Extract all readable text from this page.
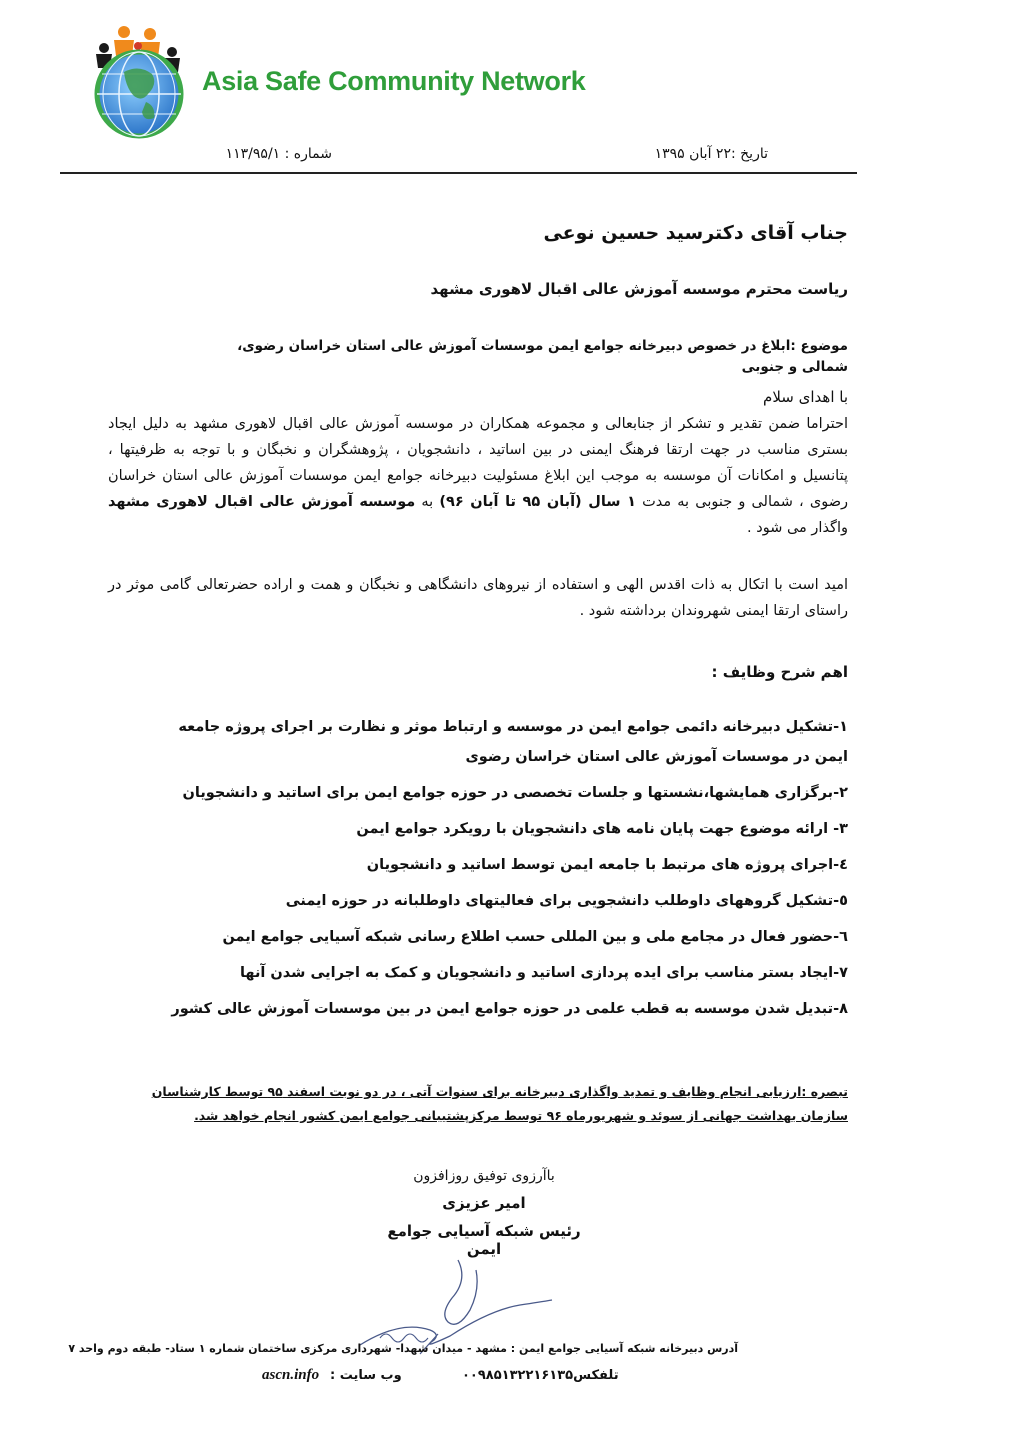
Asia Safe Community Network
تاریخ :۲۲ آبان ۱۳۹۵
شماره : ۱۱۳/۹۵/۱
جناب آقای دکترسید حسین نوعی
ریاست محترم موسسه آموزش عالی اقبال لاهوری مشهد
موضوع :ابلاغ در خصوص دبیرخانه جوامع ایمن موسسات آموزش عالی استان خراسان رضوی، شمالی و جنوبی
با اهدای سلام
احتراما ضمن تقدیر و تشکر از جنابعالی و مجموعه همکاران در موسسه آموزش عالی اقبال لاهوری مشهد به دلیل ایجاد بستری مناسب در جهت ارتقا فرهنگ ایمنی در بین اساتید ، دانشجویان ، پژوهشگران و نخبگان و با توجه به ظرفیتها ، پتانسیل و امکانات آن موسسه به موجب این ابلاغ مسئولیت دبیرخانه جوامع ایمن موسسات آموزش عالی استان خراسان رضوی ، شمالی و جنوبی به مدت ۱ سال (آبان ۹۵ تا آبان ۹۶) به موسسه آموزش عالی اقبال لاهوری مشهد واگذار می شود .
امید است با اتکال به ذات اقدس الهی و استفاده از نیروهای دانشگاهی و نخبگان و همت و اراده حضرتعالی گامی موثر در راستای ارتقا ایمنی شهروندان برداشته شود .
اهم شرح وظایف :
۱-تشکیل دبیرخانه دائمی جوامع ایمن در موسسه و ارتباط موثر و نظارت بر اجرای پروژه جامعه ایمن در موسسات آموزش عالی استان خراسان رضوی
۲-برگزاری همایشها،نشستها و جلسات تخصصی در حوزه جوامع ایمن برای اساتید و دانشجویان
۳- ارائه موضوع جهت پایان نامه های دانشجویان با رویکرد جوامع ایمن
٤-اجرای پروژه های مرتبط با جامعه ایمن توسط اساتید و دانشجویان
٥-تشکیل گروههای داوطلب دانشجویی برای فعالیتهای داوطلبانه در حوزه ایمنی
٦-حضور فعال در مجامع ملی و بین المللی حسب اطلاع رسانی شبکه آسیایی جوامع ایمن
۷-ایجاد بستر مناسب برای ایده پردازی اساتید و دانشجویان و کمک به اجرایی شدن آنها
۸-تبدیل شدن موسسه به قطب علمی در حوزه جوامع ایمن در بین موسسات آموزش عالی کشور
تبصره :ارزیابی انجام وظایف و تمدید واگذاری دبیرخانه برای سنوات آتی ، در دو نوبت اسفند ۹۵ توسط کارشناسان سازمان بهداشت جهانی از سوئد و شهریورماه ۹۶ توسط مرکزپشتیبانی جوامع ایمن کشور انجام خواهد شد.
باآرزوی توفیق روزافزون
امیر عزیزی
رئیس شبکه آسیایی جوامع ایمن
آدرس دبیرخانه شبکه آسیایی جوامع ایمن : مشهد - میدان شهدا- شهرداری مرکزی ساختمان شماره ۱ ستاد- طبقه دوم واحد ۷
تلفکس۰۰۹۸۵۱۳۲۲۱۶۱۳۵
وب سایت :
ascn.info
